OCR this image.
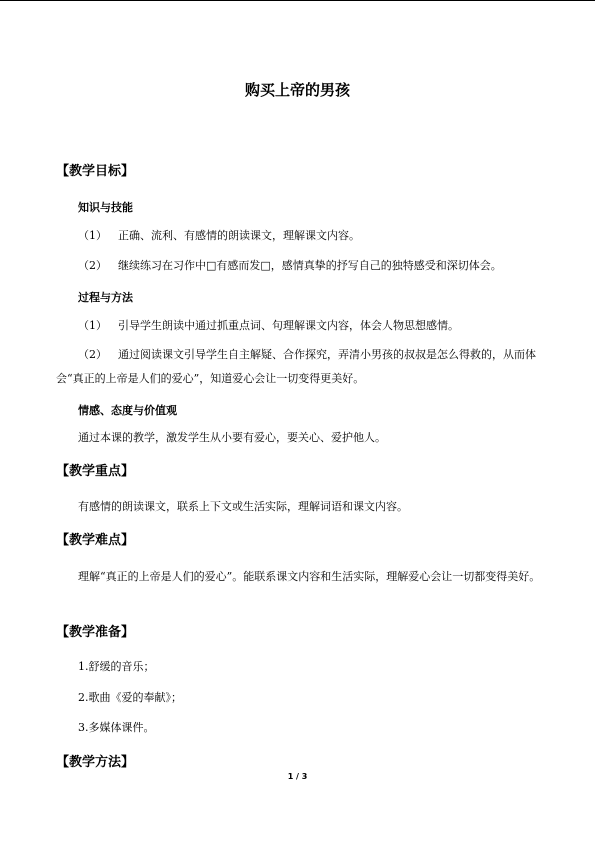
购买上帝的男孩
【教学目标】
知识与技能
（1） 正确、流利、有感情的朗读课文，理解课文内容。
（2） 继续练习在习作中□有感而发□，感情真挚的抒写自己的独特感受和深切体会。
过程与方法
（1） 引导学生朗读中通过抓重点词、句理解课文内容，体会人物思想感情。
（2） 通过阅读课文引导学生自主解疑、合作探究，弄清小男孩的叔叔是怎么得救的，从而体会“真正的上帝是人们的爱心”，知道爱心会让一切变得更美好。
情感、态度与价值观
通过本课的教学，激发学生从小要有爱心，要关心、爱护他人。
【教学重点】
有感情的朗读课文，联系上下文或生活实际，理解词语和课文内容。
【教学难点】
理解“真正的上帝是人们的爱心”。能联系课文内容和生活实际，理解爱心会让一切都变得美好。
【教学准备】
1.舒缓的音乐；
2.歌曲《爱的奉献》；
3.多媒体课件。
【教学方法】
1 / 3
